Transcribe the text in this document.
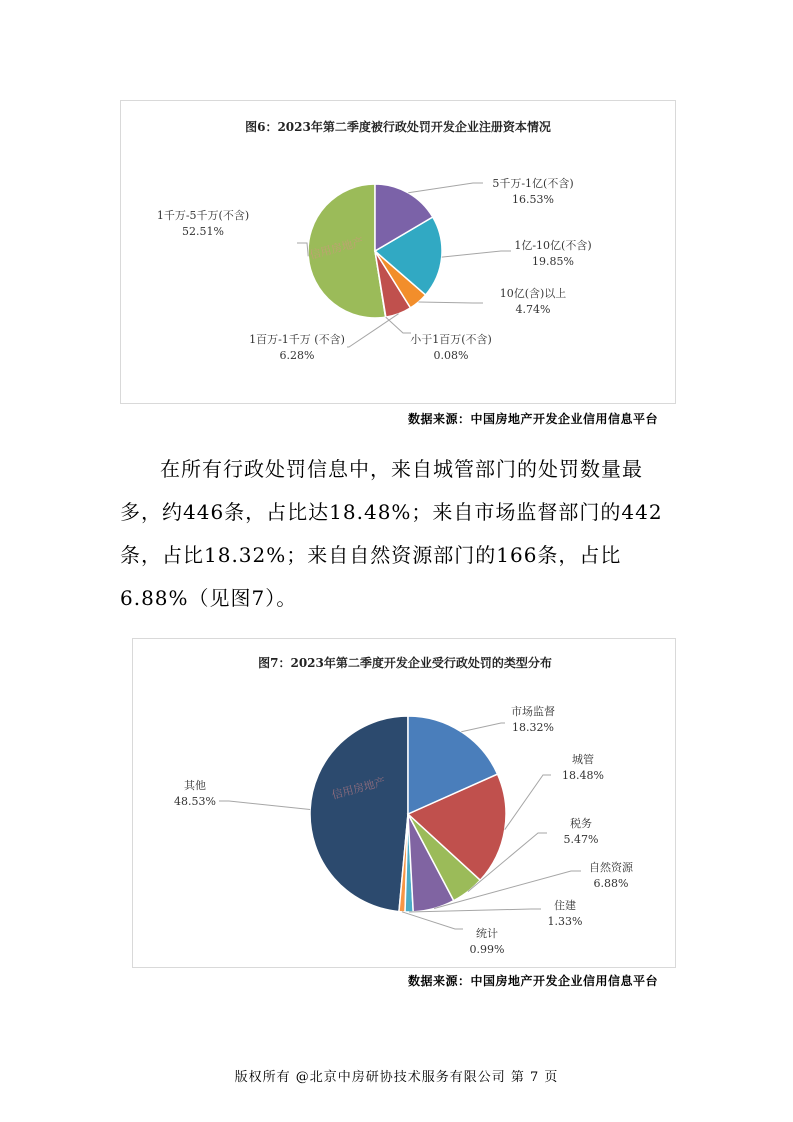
图6：2023年第二季度被行政处罚开发企业注册资本情况
信用房地产
5千万-1亿(不含)
16.53%
1亿-10亿(不含)
19.85%
10亿(含)以上
4.74%
1百万-1千万 (不含)
6.28%
小于1百万(不含)
0.08%
1千万-5千万(不含)
52.51%
数据来源：中国房地产开发企业信用信息平台
在所有行政处罚信息中，来自城管部门的处罚数量最多，约446条，占比达18.48%；来自市场监督部门的442条，占比18.32%；来自自然资源部门的166条，占比6.88%（见图7）。
图7：2023年第二季度开发企业受行政处罚的类型分布
信用房地产
市场监督
18.32%
城管
18.48%
税务
5.47%
自然资源
6.88%
住建
1.33%
统计
0.99%
其他
48.53%
数据来源：中国房地产开发企业信用信息平台
版权所有 @北京中房研协技术服务有限公司 第 7 页
